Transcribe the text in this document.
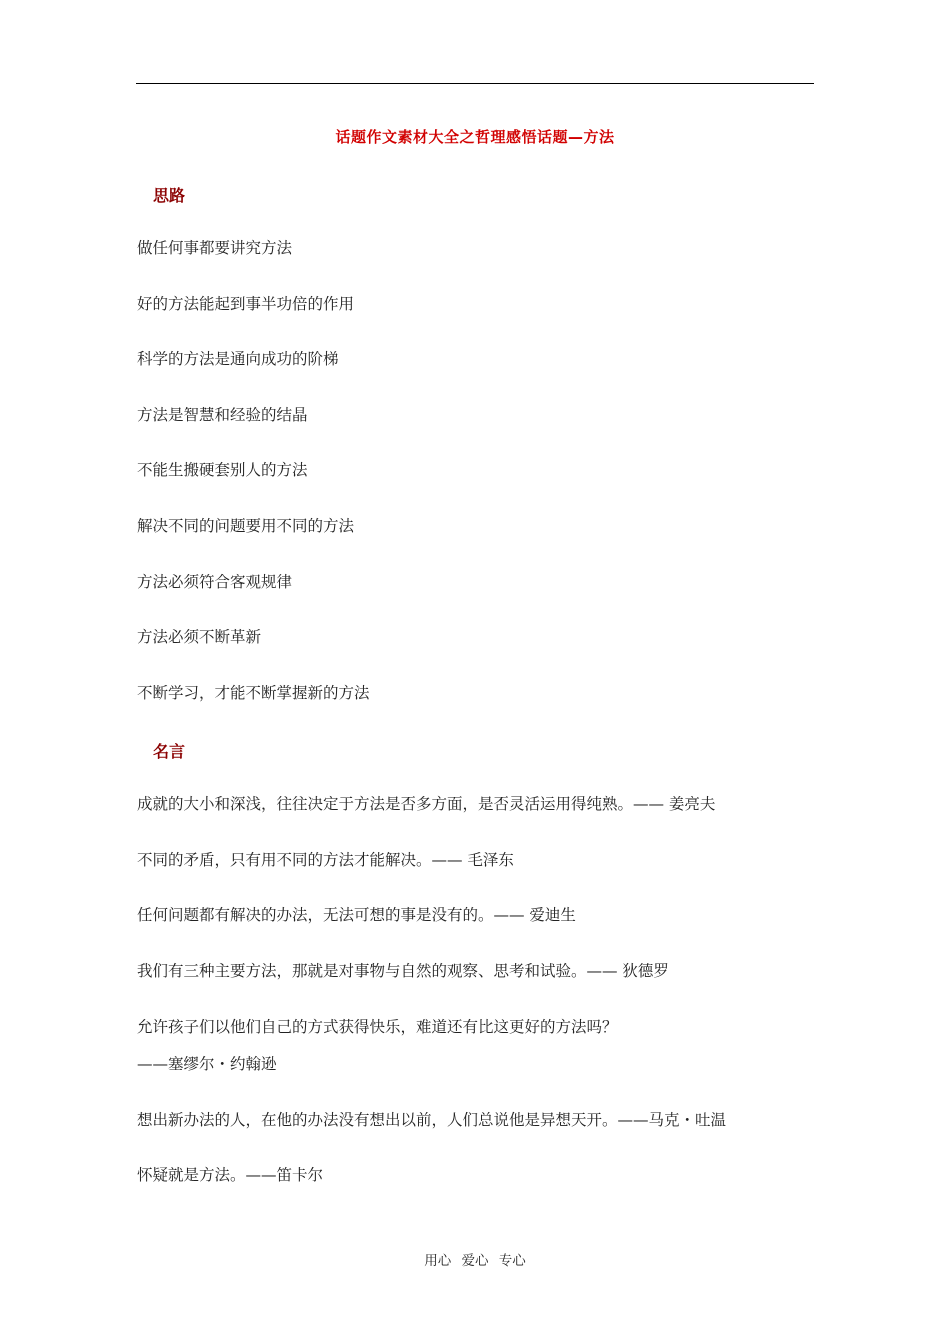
话题作文素材大全之哲理感悟话题—方法
思路
做任何事都要讲究方法
好的方法能起到事半功倍的作用
科学的方法是通向成功的阶梯
方法是智慧和经验的结晶
不能生搬硬套别人的方法
解决不同的问题要用不同的方法
方法必须符合客观规律
方法必须不断革新
不断学习，才能不断掌握新的方法
名言
成就的大小和深浅，往往决定于方法是否多方面，是否灵活运用得纯熟。—— 姜亮夫
不同的矛盾，只有用不同的方法才能解决。—— 毛泽东
任何问题都有解决的办法，无法可想的事是没有的。—— 爱迪生
我们有三种主要方法，那就是对事物与自然的观察、思考和试验。—— 狄德罗
允许孩子们以他们自己的方式获得快乐，难道还有比这更好的方法吗？
——塞缪尔・约翰逊
想出新办法的人，在他的办法没有想出以前，人们总说他是异想天开。——马克・吐温
怀疑就是方法。——笛卡尔
用心 爱心 专心
